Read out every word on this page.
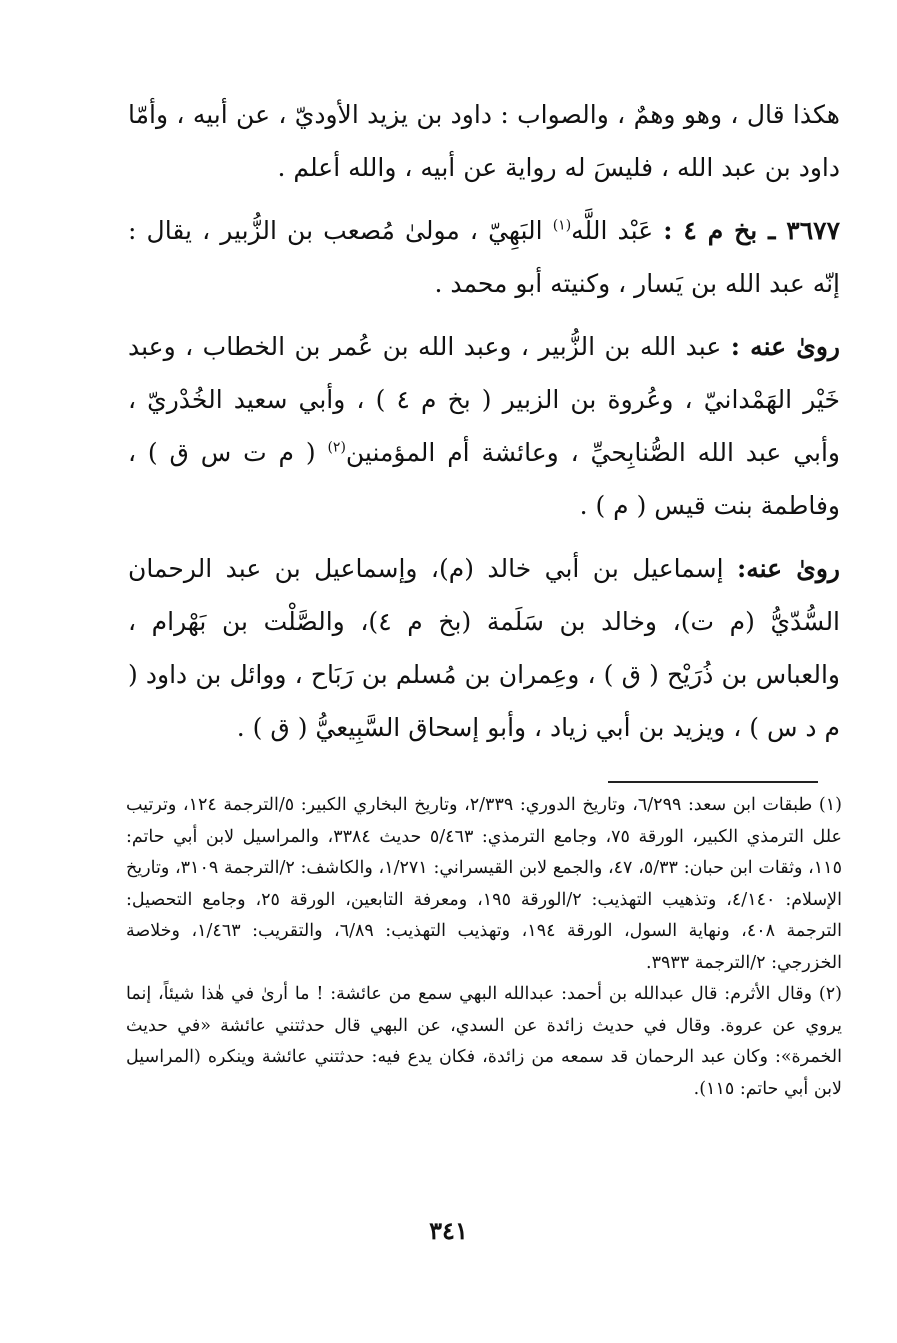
هكذا قال ، وهو وهمٌ ، والصواب : داود بن يزيد الأوديّ ، عن أبيه ، وأمّا داود بن عبد الله ، فليسَ له رواية عن أبيه ، والله أعلم .

٣٦٧٧ ـ بخ م ٤ : عَبْد اللَّه$^{(١)}$ البَهِيّ ، مولىٰ مُصعب بن الزُّبير ، يقال : إنّه عبد الله بن يَسار ، وكنيته أبو محمد .

روىٰ عنه : عبد الله بن الزُّبير ، وعبد الله بن عُمر بن الخطاب ، وعبد خَيْر الهَمْدانيّ ، وعُروة بن الزبير ( بخ م ٤ ) ، وأبي سعيد الخُدْريّ ، وأبي عبد الله الصُّنابِحيِّ ، وعائشة أم المؤمنين$^{(٢)}$ ( م ت س ق ) ، وفاطمة بنت قيس ( م ) .

روىٰ عنه: إسماعيل بن أبي خالد (م)، وإسماعيل بن عبد الرحمان السُّدّيُّ (م ت)، وخالد بن سَلَمة (بخ م ٤)، والصَّلْت بن بَهْرام ، والعباس بن ذُرَيْح ( ق ) ، وعِمران بن مُسلم بن رَبَاح ، ووائل بن داود ( م د س ) ، ويزيد بن أبي زياد ، وأبو إسحاق السَّبِيعيُّ ( ق ) .

(١) طبقات ابن سعد: ٦/٢٩٩، وتاريخ الدوري: ٢/٣٣٩، وتاريخ البخاري الكبير: ٥/الترجمة ١٢٤، وترتيب علل الترمذي الكبير، الورقة ٧٥، وجامع الترمذي: ٥/٤٦٣ حديث ٣٣٨٤، والمراسيل لابن أبي حاتم: ١١٥، وثقات ابن حبان: ٥/٣٣، ٤٧، والجمع لابن القيسراني: ١/٢٧١، والكاشف: ٢/الترجمة ٣١٠٩، وتاريخ الإسلام: ٤/١٤٠، وتذهيب التهذيب: ٢/الورقة ١٩٥، ومعرفة التابعين، الورقة ٢٥، وجامع التحصيل: الترجمة ٤٠٨، ونهاية السول، الورقة ١٩٤، وتهذيب التهذيب: ٦/٨٩، والتقريب: ١/٤٦٣، وخلاصة الخزرجي: ٢/الترجمة ٣٩٣٣.

(٢) وقال الأثرم: قال عبدالله بن أحمد: عبدالله البهي سمع من عائشة: ! ما أرىٰ في هٰذا شيئاً، إنما يروي عن عروة. وقال في حديث زائدة عن السدي، عن البهي قال حدثتني عائشة «في حديث الخمرة»: وكان عبد الرحمان قد سمعه من زائدة، فكان يدع فيه: حدثتني عائشة وينكره (المراسيل لابن أبي حاتم: ١١٥).

٣٤١
